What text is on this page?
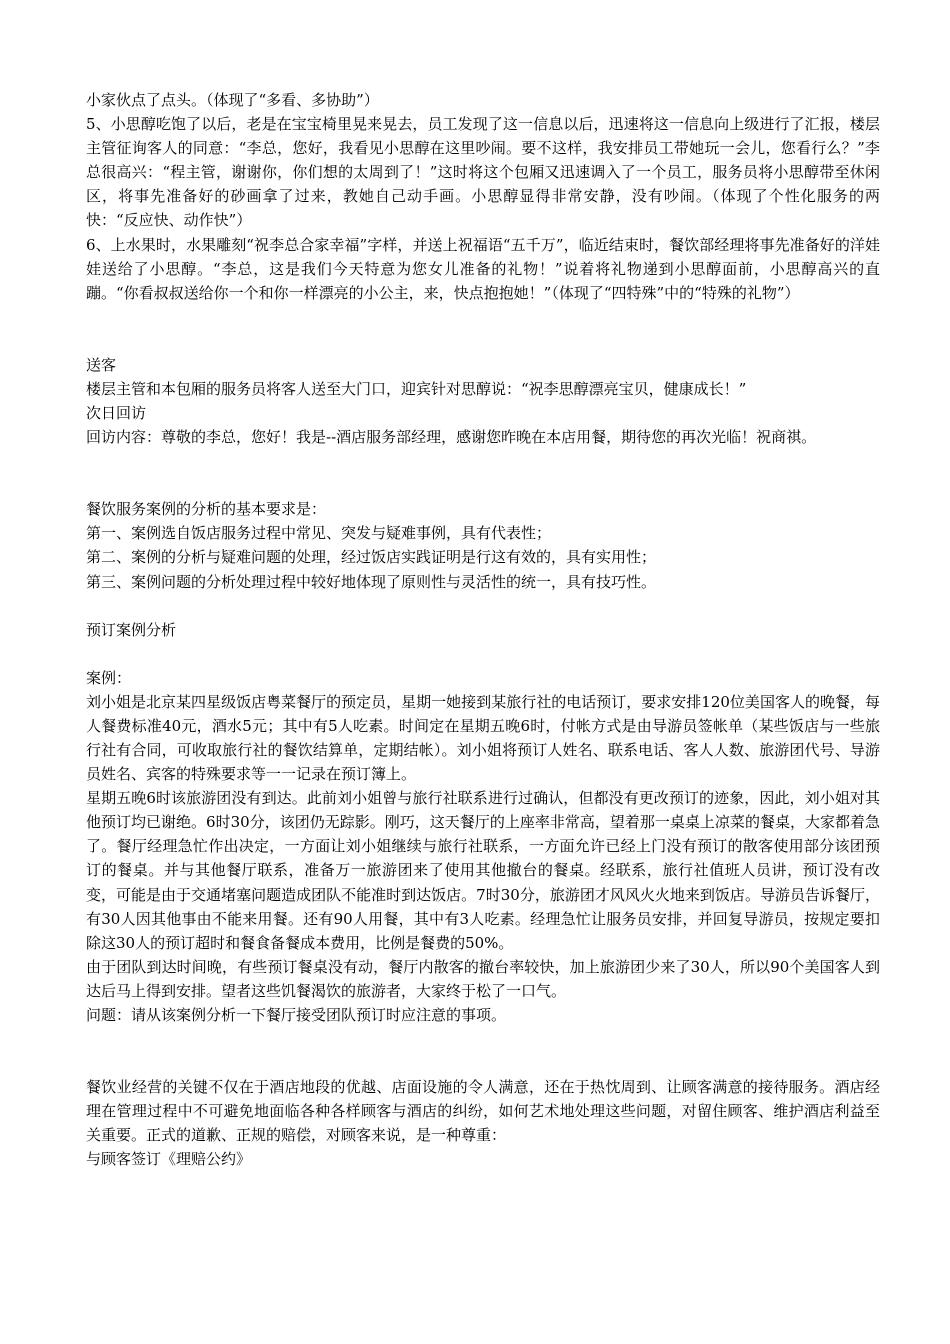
小家伙点了点头。（体现了“多看、多协助”）

5、小思醇吃饱了以后，老是在宝宝椅里晃来晃去，员工发现了这一信息以后，迅速将这一信息向上级进行了汇报，楼层主管征询客人的同意：“李总，您好，我看见小思醇在这里吵闹。要不这样，我安排员工带她玩一会儿，您看行么？”李总很高兴：“程主管，谢谢你，你们想的太周到了！”这时将这个包厢又迅速调入了一个员工，服务员将小思醇带至休闲区，将事先准备好的砂画拿了过来，教她自己动手画。小思醇显得非常安静，没有吵闹。（体现了个性化服务的两快：“反应快、动作快”）

6、上水果时，水果雕刻“祝李总合家幸福”字样，并送上祝福语“五千万”，临近结束时，餐饮部经理将事先准备好的洋娃娃送给了小思醇。“李总，这是我们今天特意为您女儿准备的礼物！”说着将礼物递到小思醇面前，小思醇高兴的直蹦。“你看叔叔送给你一个和你一样漂亮的小公主，来，快点抱抱她！”（体现了“四特殊”中的“特殊的礼物”）

送客

楼层主管和本包厢的服务员将客人送至大门口，迎宾针对思醇说：“祝李思醇漂亮宝贝，健康成长！”

次日回访

回访内容：尊敬的李总，您好！我是--酒店服务部经理，感谢您昨晚在本店用餐，期待您的再次光临！祝商祺。

餐饮服务案例的分析的基本要求是：

第一、案例选自饭店服务过程中常见、突发与疑难事例，具有代表性；

第二、案例的分析与疑难问题的处理，经过饭店实践证明是行这有效的，具有实用性；

第三、案例问题的分析处理过程中较好地体现了原则性与灵活性的统一，具有技巧性。

预订案例分析

案例：

刘小姐是北京某四星级饭店粤菜餐厅的预定员，星期一她接到某旅行社的电话预订，要求安排120位美国客人的晚餐，每人餐费标准40元，酒水5元；其中有5人吃素。时间定在星期五晚6时，付帐方式是由导游员签帐单（某些饭店与一些旅行社有合同，可收取旅行社的餐饮结算单，定期结帐）。刘小姐将预订人姓名、联系电话、客人人数、旅游团代号、导游员姓名、宾客的特殊要求等一一记录在预订簿上。

星期五晚6时该旅游团没有到达。此前刘小姐曾与旅行社联系进行过确认，但都没有更改预订的迹象，因此，刘小姐对其他预订均已谢绝。6时30分，该团仍无踪影。刚巧，这天餐厅的上座率非常高，望着那一桌桌上凉菜的餐桌，大家都着急了。餐厅经理急忙作出决定，一方面让刘小姐继续与旅行社联系，一方面允许已经上门没有预订的散客使用部分该团预订的餐桌。并与其他餐厅联系，准备万一旅游团来了使用其他撤台的餐桌。经联系，旅行社值班人员讲，预订没有改变，可能是由于交通堵塞问题造成团队不能准时到达饭店。7时30分，旅游团才风风火火地来到饭店。导游员告诉餐厅，有30人因其他事由不能来用餐。还有90人用餐，其中有3人吃素。经理急忙让服务员安排，并回复导游员，按规定要扣除这30人的预订超时和餐食备餐成本费用，比例是餐费的50%。

由于团队到达时间晚，有些预订餐桌没有动，餐厅内散客的撤台率较快，加上旅游团少来了30人，所以90个美国客人到达后马上得到安排。望者这些饥餐渴饮的旅游者，大家终于松了一口气。

问题：请从该案例分析一下餐厅接受团队预订时应注意的事项。

餐饮业经营的关键不仅在于酒店地段的优越、店面设施的令人满意，还在于热忱周到、让顾客满意的接待服务。酒店经理在管理过程中不可避免地面临各种各样顾客与酒店的纠纷，如何艺术地处理这些问题，对留住顾客、维护酒店利益至关重要。正式的道歉、正规的赔偿，对顾客来说，是一种尊重：

与顾客签订《理赔公约》
